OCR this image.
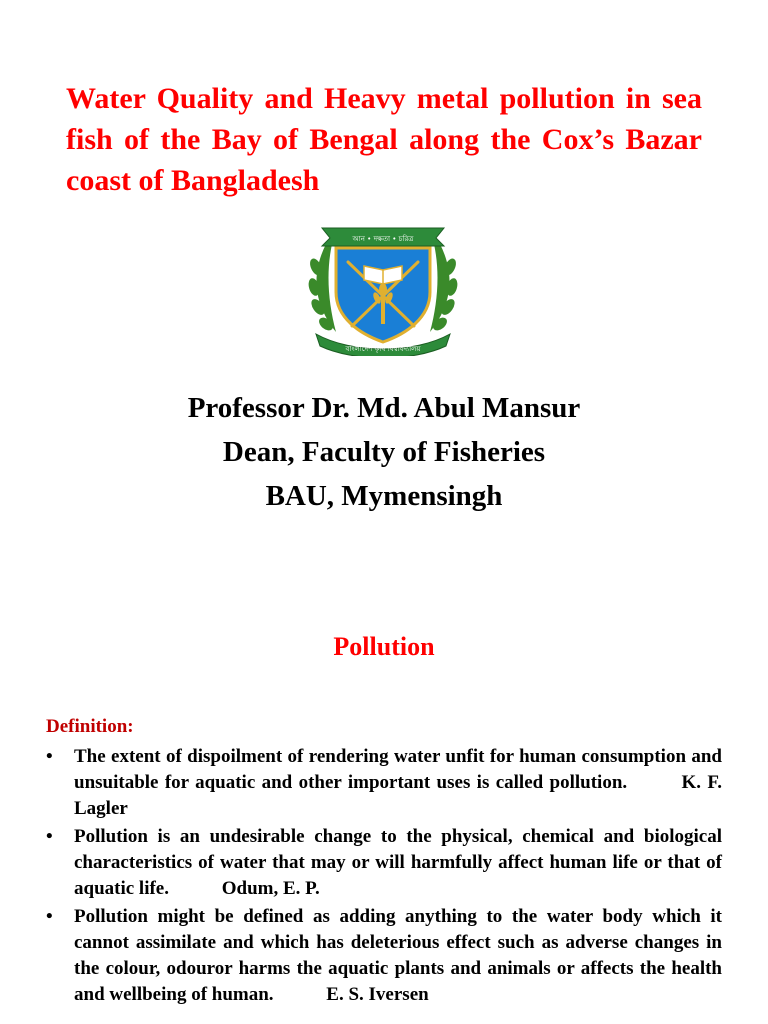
Water Quality and Heavy metal pollution in sea fish of the Bay of Bengal along the Cox’s Bazar coast of Bangladesh
আন • দক্ষতা • চরিত্র
বাংলাদেশ কৃষি বিশ্ববিদ্যালয়
Professor Dr. Md. Abul Mansur
Dean, Faculty of Fisheries
BAU, Mymensingh
Pollution
Definition:
• The extent of dispoilment of rendering water unfit for human consumption and unsuitable for aquatic and other important uses is called pollution.	K. F. Lagler
• Pollution is an undesirable change to the physical, chemical and biological characteristics of water that may or will harmfully affect human life or that of aquatic life.	Odum, E. P.
• Pollution might be defined as adding anything to the water body which it cannot assimilate and which has deleterious effect such as adverse changes in the colour, odouror harms the aquatic plants and animals or affects the health and wellbeing of human.	E. S. Iversen
